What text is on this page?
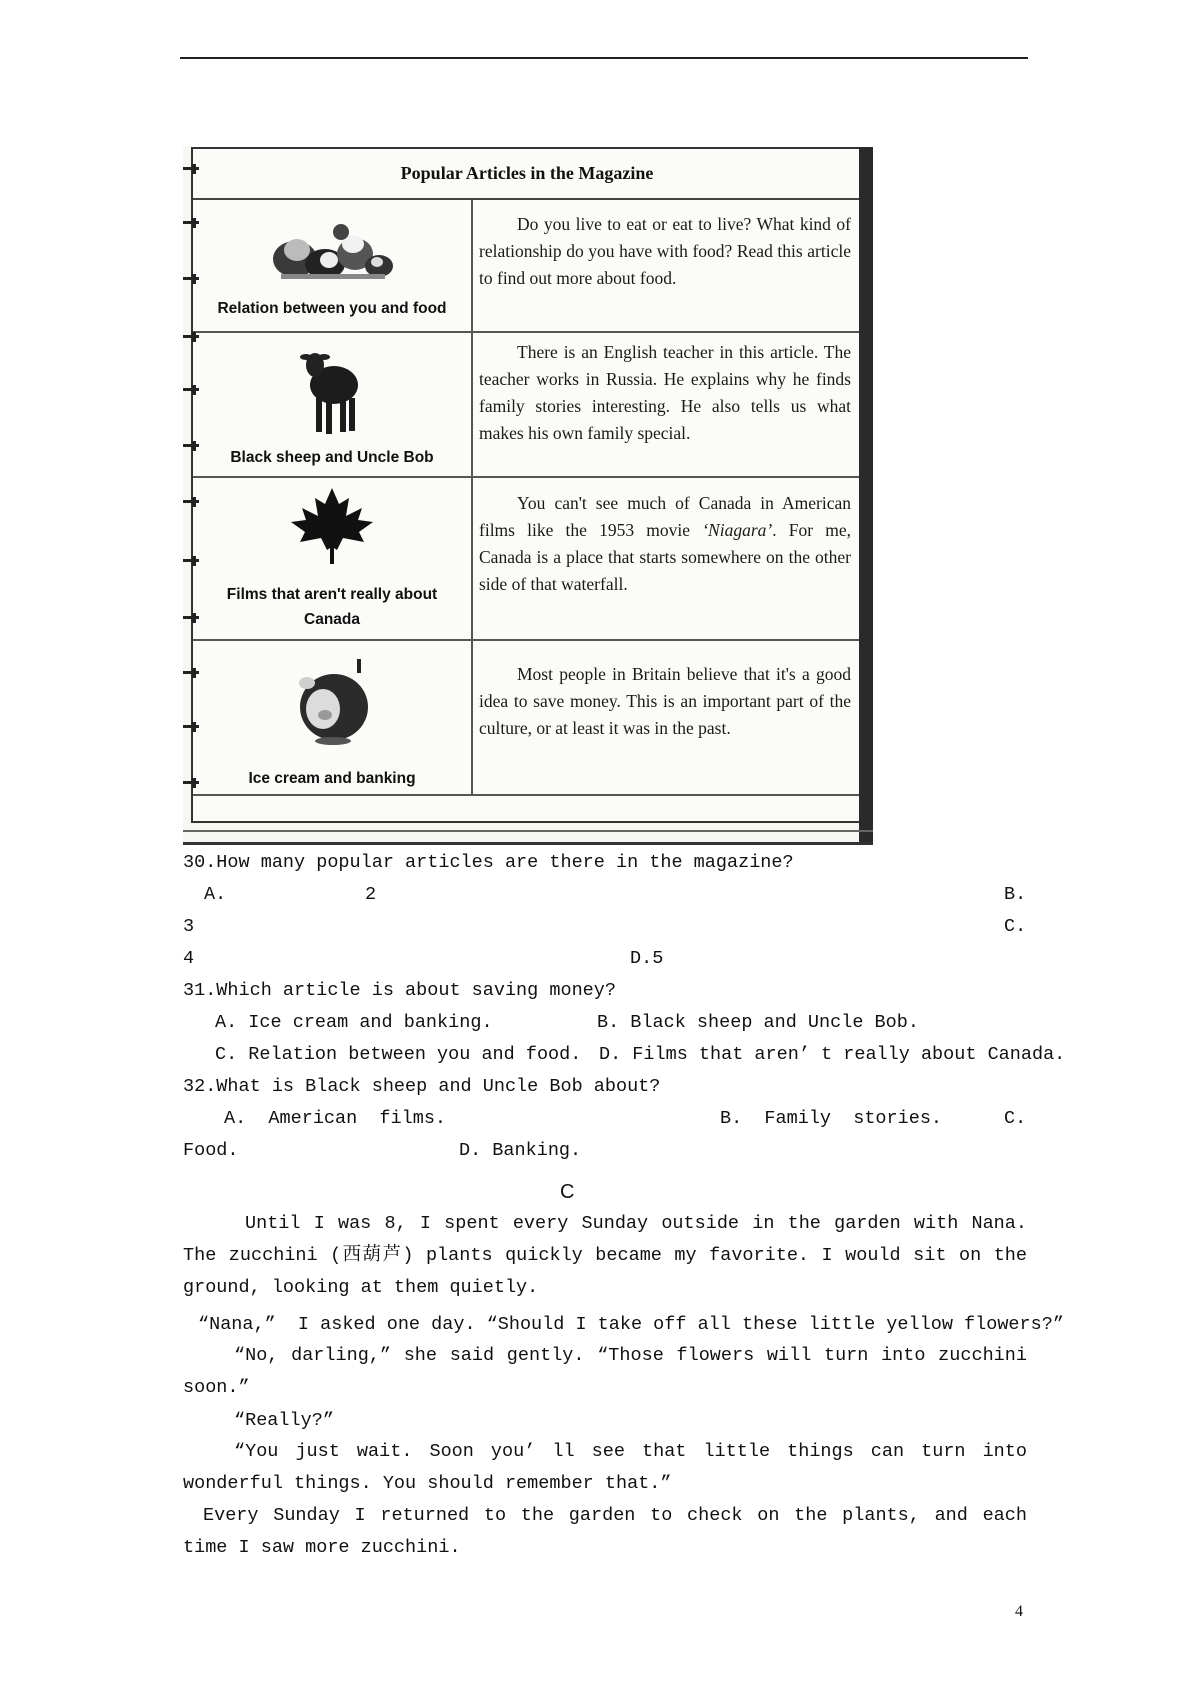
Popular Articles in the Magazine
Relation between you and food
Do you live to eat or eat to live? What kind of relationship do you have with food? Read this article to find out more about food.
Black sheep and Uncle Bob
There is an English teacher in this article. The teacher works in Russia. He explains why he finds family stories interesting. He also tells us what makes his own family special.
Films that aren't really about Canada
You can't see much of Canada in American films like the 1953 movie ‘Niagara’. For me, Canada is a place that starts somewhere on the other side of that waterfall.
Ice cream and banking
Most people in Britain believe that it's a good idea to save money. This is an important part of the culture, or at least it was in the past.
30.How many popular articles are there in the magazine?
A.	2	B.
3	C.
4	D.5
31.Which article is about saving money?
A. Ice cream and banking.	B. Black sheep and Uncle Bob.
C. Relation between you and food. D. Films that aren’ t really about Canada.
32.What is Black sheep and Uncle Bob about?
A.  American  films.	B.  Family  stories.	C.
Food.	D. Banking.
C
Until I was 8, I spent every Sunday outside in the garden with Nana. The zucchini (西葫芦) plants quickly became my favorite. I would sit on the ground, looking at them quietly.
“Nana,”  I asked one day. “Should I take off all these little yellow flowers?”
“No, darling,” she said gently. “Those flowers will turn into zucchini soon.”
“Really?”
“You just wait. Soon you’ ll see that little things can turn into wonderful things. You should remember that.”
Every Sunday I returned to the garden to check on the plants, and each time I saw more zucchini.
4
